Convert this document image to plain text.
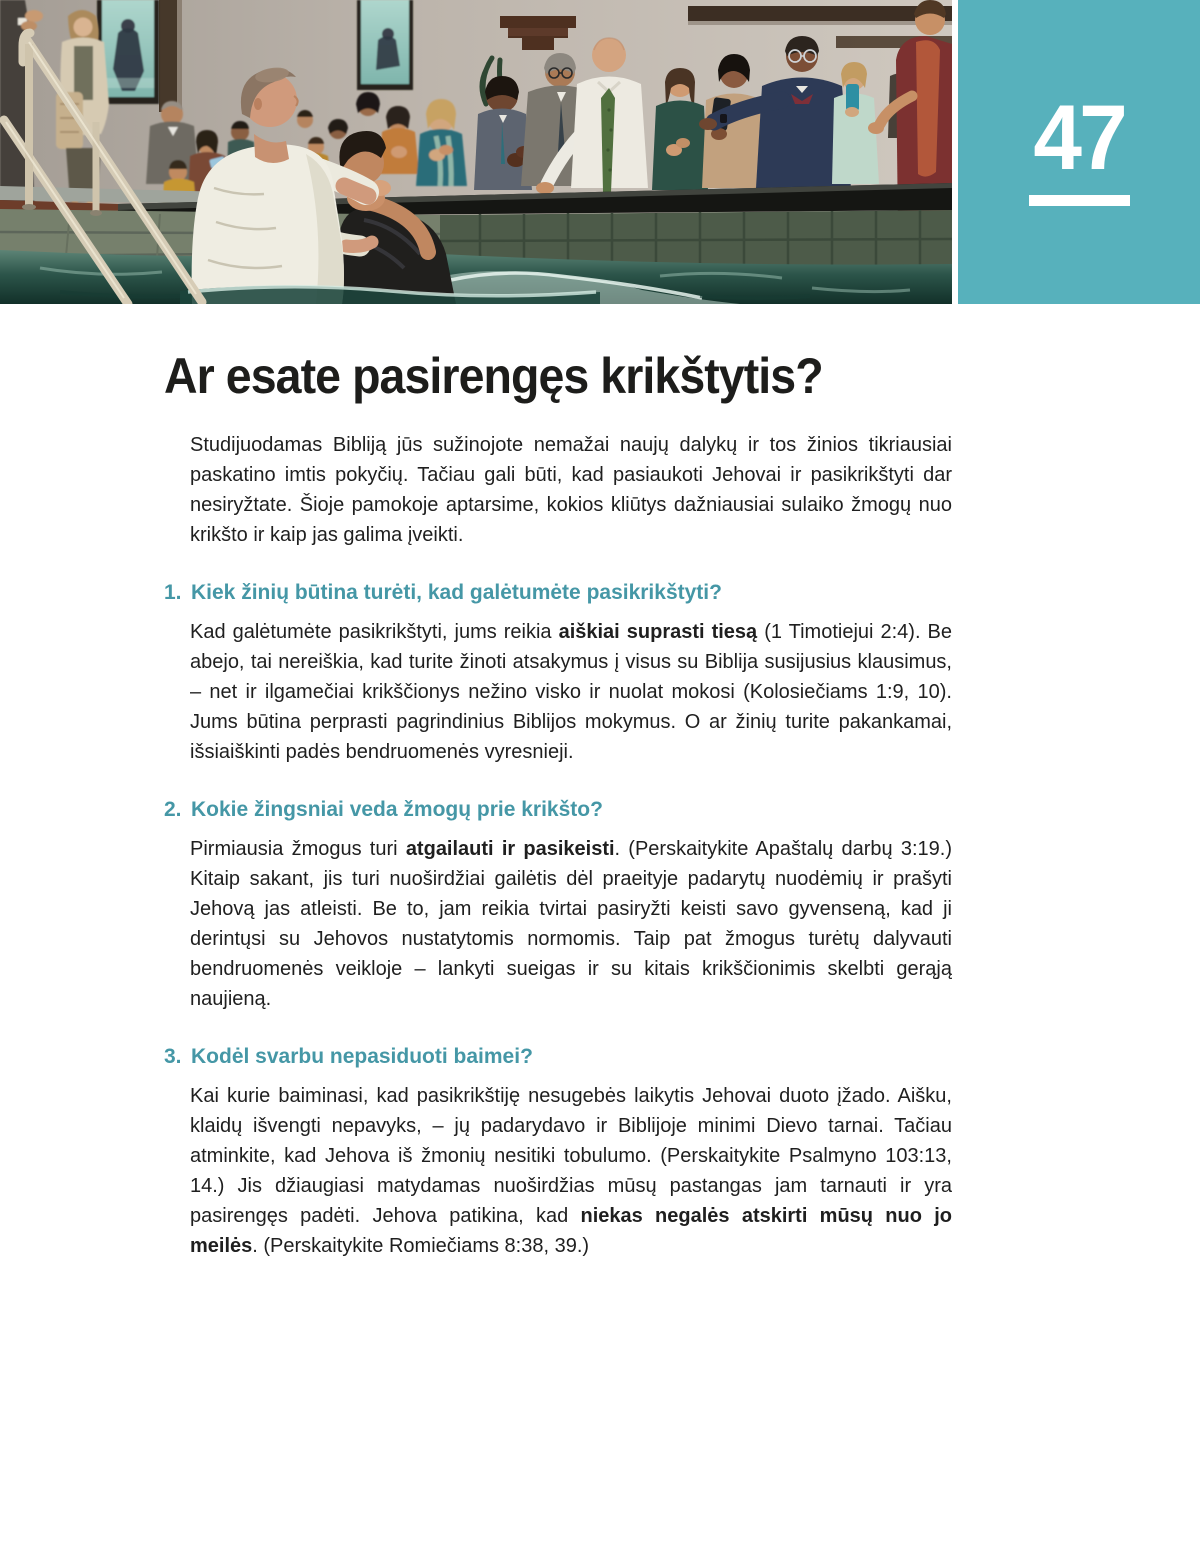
47
Ar esate pasirengęs krikštytis?

Studijuodamas Bibliją jūs sužinojote nemažai naujų dalykų ir tos žinios tikriausiai paskatino imtis pokyčių. Tačiau gali būti, kad pasiaukoti Jehovai ir pasikrikštyti dar nesiryžtate. Šioje pamokoje aptarsime, kokios kliūtys dažniausiai sulaiko žmogų nuo krikšto ir kaip jas galima įveikti.

1. Kiek žinių būtina turėti, kad galėtumėte pasikrikštyti?

Kad galėtumėte pasikrikštyti, jums reikia aiškiai suprasti tiesą (1 Timotiejui 2:4). Be abejo, tai nereiškia, kad turite žinoti atsakymus į visus su Biblija susijusius klausimus, – net ir ilgamečiai krikščionys nežino visko ir nuolat mokosi (Kolosiečiams 1:9, 10). Jums būtina perprasti pagrindinius Biblijos mokymus. O ar žinių turite pakankamai, išsiaiškinti padės bendruomenės vyresnieji.

2. Kokie žingsniai veda žmogų prie krikšto?

Pirmiausia žmogus turi atgailauti ir pasikeisti. (Perskaitykite Apaštalų darbų 3:19.) Kitaip sakant, jis turi nuoširdžiai gailėtis dėl praeityje padarytų nuodėmių ir prašyti Jehovą jas atleisti. Be to, jam reikia tvirtai pasiryžti keisti savo gyvenseną, kad ji derintųsi su Jehovos nustatytomis normomis. Taip pat žmogus turėtų dalyvauti bendruomenės veikloje – lankyti sueigas ir su kitais krikščionimis skelbti gerąją naujieną.

3. Kodėl svarbu nepasiduoti baimei?

Kai kurie baiminasi, kad pasikrikštiję nesugebės laikytis Jehovai duoto įžado. Aišku, klaidų išvengti nepavyks, – jų padarydavo ir Biblijoje minimi Dievo tarnai. Tačiau atminkite, kad Jehova iš žmonių nesitiki tobulumo. (Perskaitykite Psalmyno 103:13, 14.) Jis džiaugiasi matydamas nuoširdžias mūsų pastangas jam tarnauti ir yra pasirengęs padėti. Jehova patikina, kad niekas negalės atskirti mūsų nuo jo meilės. (Perskaitykite Romiečiams 8:38, 39.)
